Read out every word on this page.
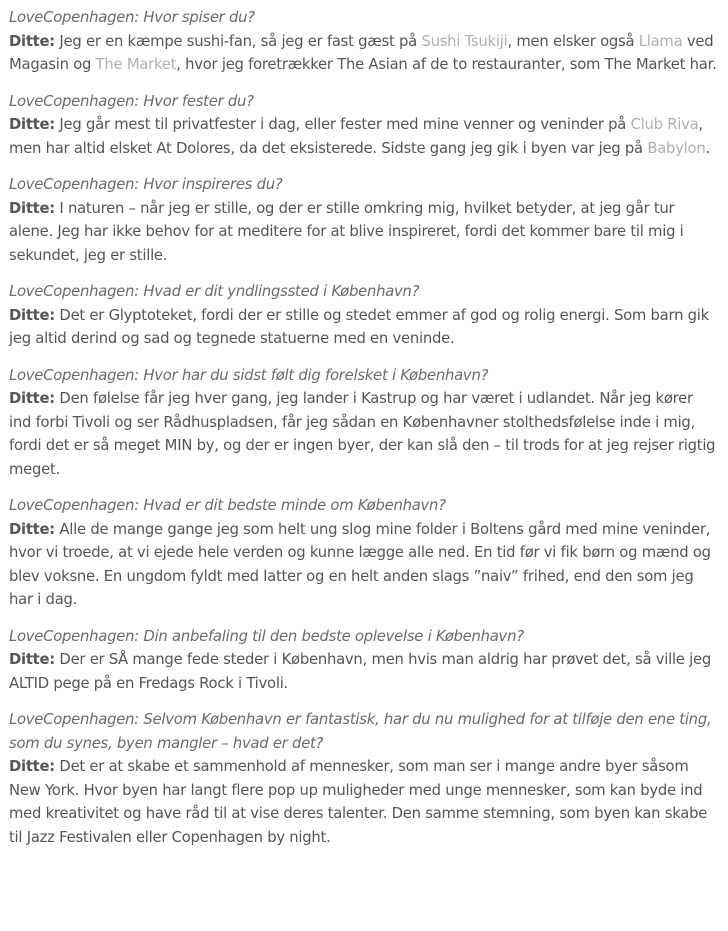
LoveCopenhagen: Hvor spiser du?
Ditte: Jeg er en kæmpe sushi-fan, så jeg er fast gæst på Sushi Tsukiji, men elsker også Llama ved Magasin og The Market, hvor jeg foretrækker The Asian af de to restauranter, som The Market har.

LoveCopenhagen: Hvor fester du?
Ditte: Jeg går mest til privatfester i dag, eller fester med mine venner og veninder på Club Riva, men har altid elsket At Dolores, da det eksisterede. Sidste gang jeg gik i byen var jeg på Babylon.

LoveCopenhagen: Hvor inspireres du?
Ditte: I naturen – når jeg er stille, og der er stille omkring mig, hvilket betyder, at jeg går tur alene. Jeg har ikke behov for at meditere for at blive inspireret, fordi det kommer bare til mig i sekundet, jeg er stille.

LoveCopenhagen: Hvad er dit yndlingssted i København?
Ditte: Det er Glyptoteket, fordi der er stille og stedet emmer af god og rolig energi. Som barn gik jeg altid derind og sad og tegnede statuerne med en veninde.

LoveCopenhagen: Hvor har du sidst følt dig forelsket i København?
Ditte: Den følelse får jeg hver gang, jeg lander i Kastrup og har været i udlandet. Når jeg kører ind forbi Tivoli og ser Rådhuspladsen, får jeg sådan en Københavner stolthedsfølelse inde i mig, fordi det er så meget MIN by, og der er ingen byer, der kan slå den – til trods for at jeg rejser rigtig meget.

LoveCopenhagen: Hvad er dit bedste minde om København?
Ditte: Alle de mange gange jeg som helt ung slog mine folder i Boltens gård med mine veninder, hvor vi troede, at vi ejede hele verden og kunne lægge alle ned. En tid før vi fik børn og mænd og blev voksne. En ungdom fyldt med latter og en helt anden slags ”naiv” frihed, end den som jeg har i dag.

LoveCopenhagen: Din anbefaling til den bedste oplevelse i København?
Ditte: Der er SÅ mange fede steder i København, men hvis man aldrig har prøvet det, så ville jeg ALTID pege på en Fredags Rock i Tivoli.

LoveCopenhagen: Selvom København er fantastisk, har du nu mulighed for at tilføje den ene ting, som du synes, byen mangler – hvad er det?
Ditte: Det er at skabe et sammenhold af mennesker, som man ser i mange andre byer såsom New York. Hvor byen har langt flere pop up muligheder med unge mennesker, som kan byde ind med kreativitet og have råd til at vise deres talenter. Den samme stemning, som byen kan skabe til Jazz Festivalen eller Copenhagen by night.
